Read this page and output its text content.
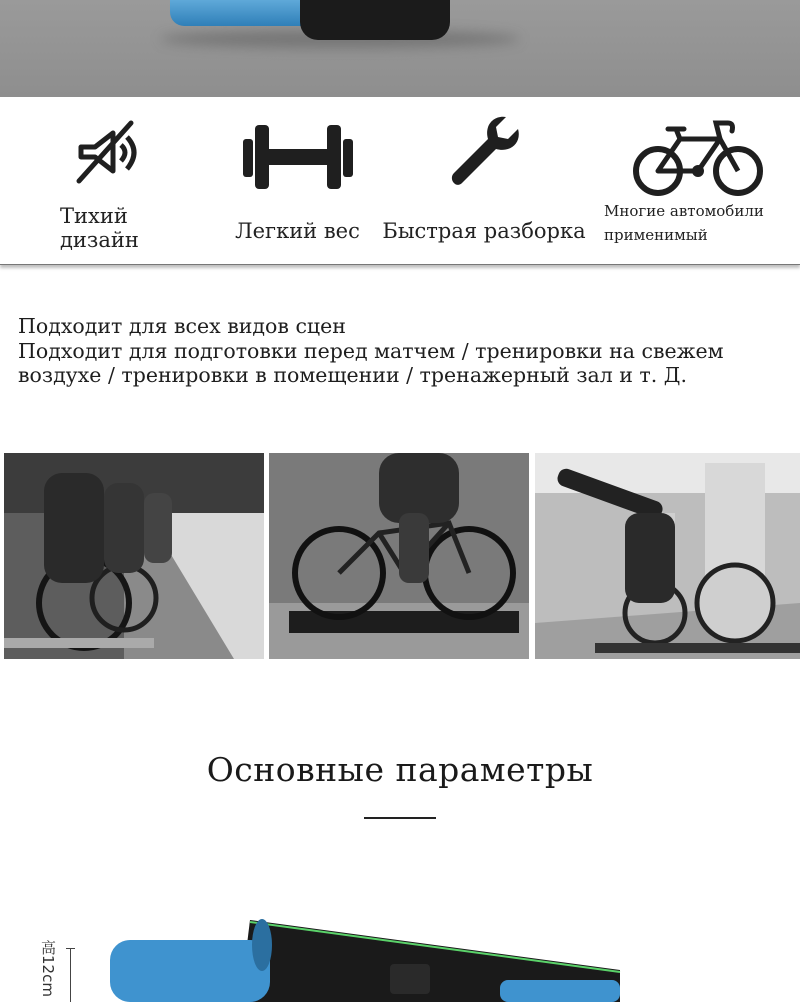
Тихий
дизайн	Легкий вес	Быстрая разборка
Многие автомобили
применимый
Подходит для всех видов сцен
Подходит для подготовки перед матчем / тренировки на свежем
воздухе / тренировки в помещении / тренажерный зал и т. Д.
Основные параметры
高12cm
